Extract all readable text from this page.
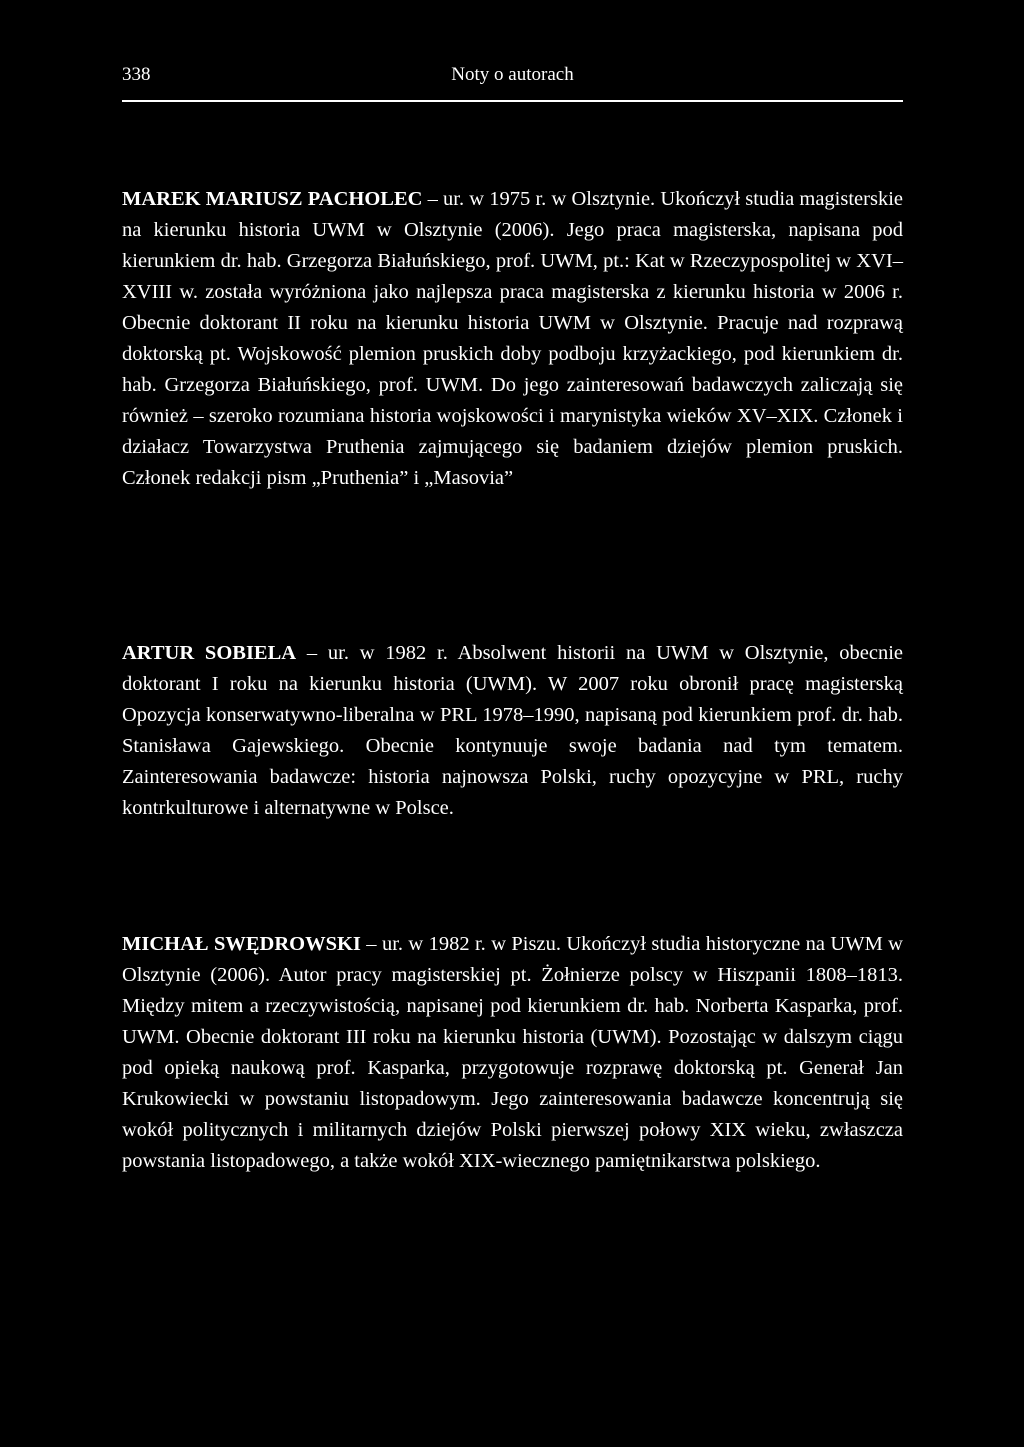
338	Noty o autorach

MAREK MARIUSZ PACHOLEC – ur. w 1975 r. w Olsztynie. Ukończył studia magisterskie na kierunku historia UWM w Olsztynie (2006). Jego praca magisterska, napisana pod kierunkiem dr. hab. Grzegorza Białuńskiego, prof. UWM, pt.: Kat w Rzeczypospolitej w XVI–XVIII w. została wyróżniona jako najlepsza praca magisterska z kierunku historia w 2006 r. Obecnie doktorant II roku na kierunku historia UWM w Olsztynie. Pracuje nad rozprawą doktorską pt. Wojskowość plemion pruskich doby podboju krzyżackiego, pod kierunkiem dr. hab. Grzegorza Białuńskiego, prof. UWM. Do jego zainteresowań badawczych zaliczają się również – szeroko rozumiana historia wojskowości i marynistyka wieków XV–XIX. Członek i działacz Towarzystwa Pruthenia zajmującego się badaniem dziejów plemion pruskich. Członek redakcji pism „Pruthenia” i „Masovia”

ARTUR SOBIELA – ur. w 1982 r. Absolwent historii na UWM w Olsztynie, obecnie doktorant I roku na kierunku historia (UWM). W 2007 roku obronił pracę magisterską Opozycja konserwatywno-liberalna w PRL 1978–1990, napisaną pod kierunkiem prof. dr. hab. Stanisława Gajewskiego. Obecnie kontynuuje swoje badania nad tym tematem. Zainteresowania badawcze: historia najnowsza Polski, ruchy opozycyjne w PRL, ruchy kontrkulturowe i alternatywne w Polsce.

MICHAŁ SWĘDROWSKI – ur. w 1982 r. w Piszu. Ukończył studia historyczne na UWM w Olsztynie (2006). Autor pracy magisterskiej pt. Żołnierze polscy w Hiszpanii 1808–1813. Między mitem a rzeczywistością, napisanej pod kierunkiem dr. hab. Norberta Kasparka, prof. UWM. Obecnie doktorant III roku na kierunku historia (UWM). Pozostając w dalszym ciągu pod opieką naukową prof. Kasparka, przygotowuje rozprawę doktorską pt. Generał Jan Krukowiecki w powstaniu listopadowym. Jego zainteresowania badawcze koncentrują się wokół politycznych i militarnych dziejów Polski pierwszej połowy XIX wieku, zwłaszcza powstania listopadowego, a także wokół XIX-wiecznego pamiętnikarstwa polskiego.
